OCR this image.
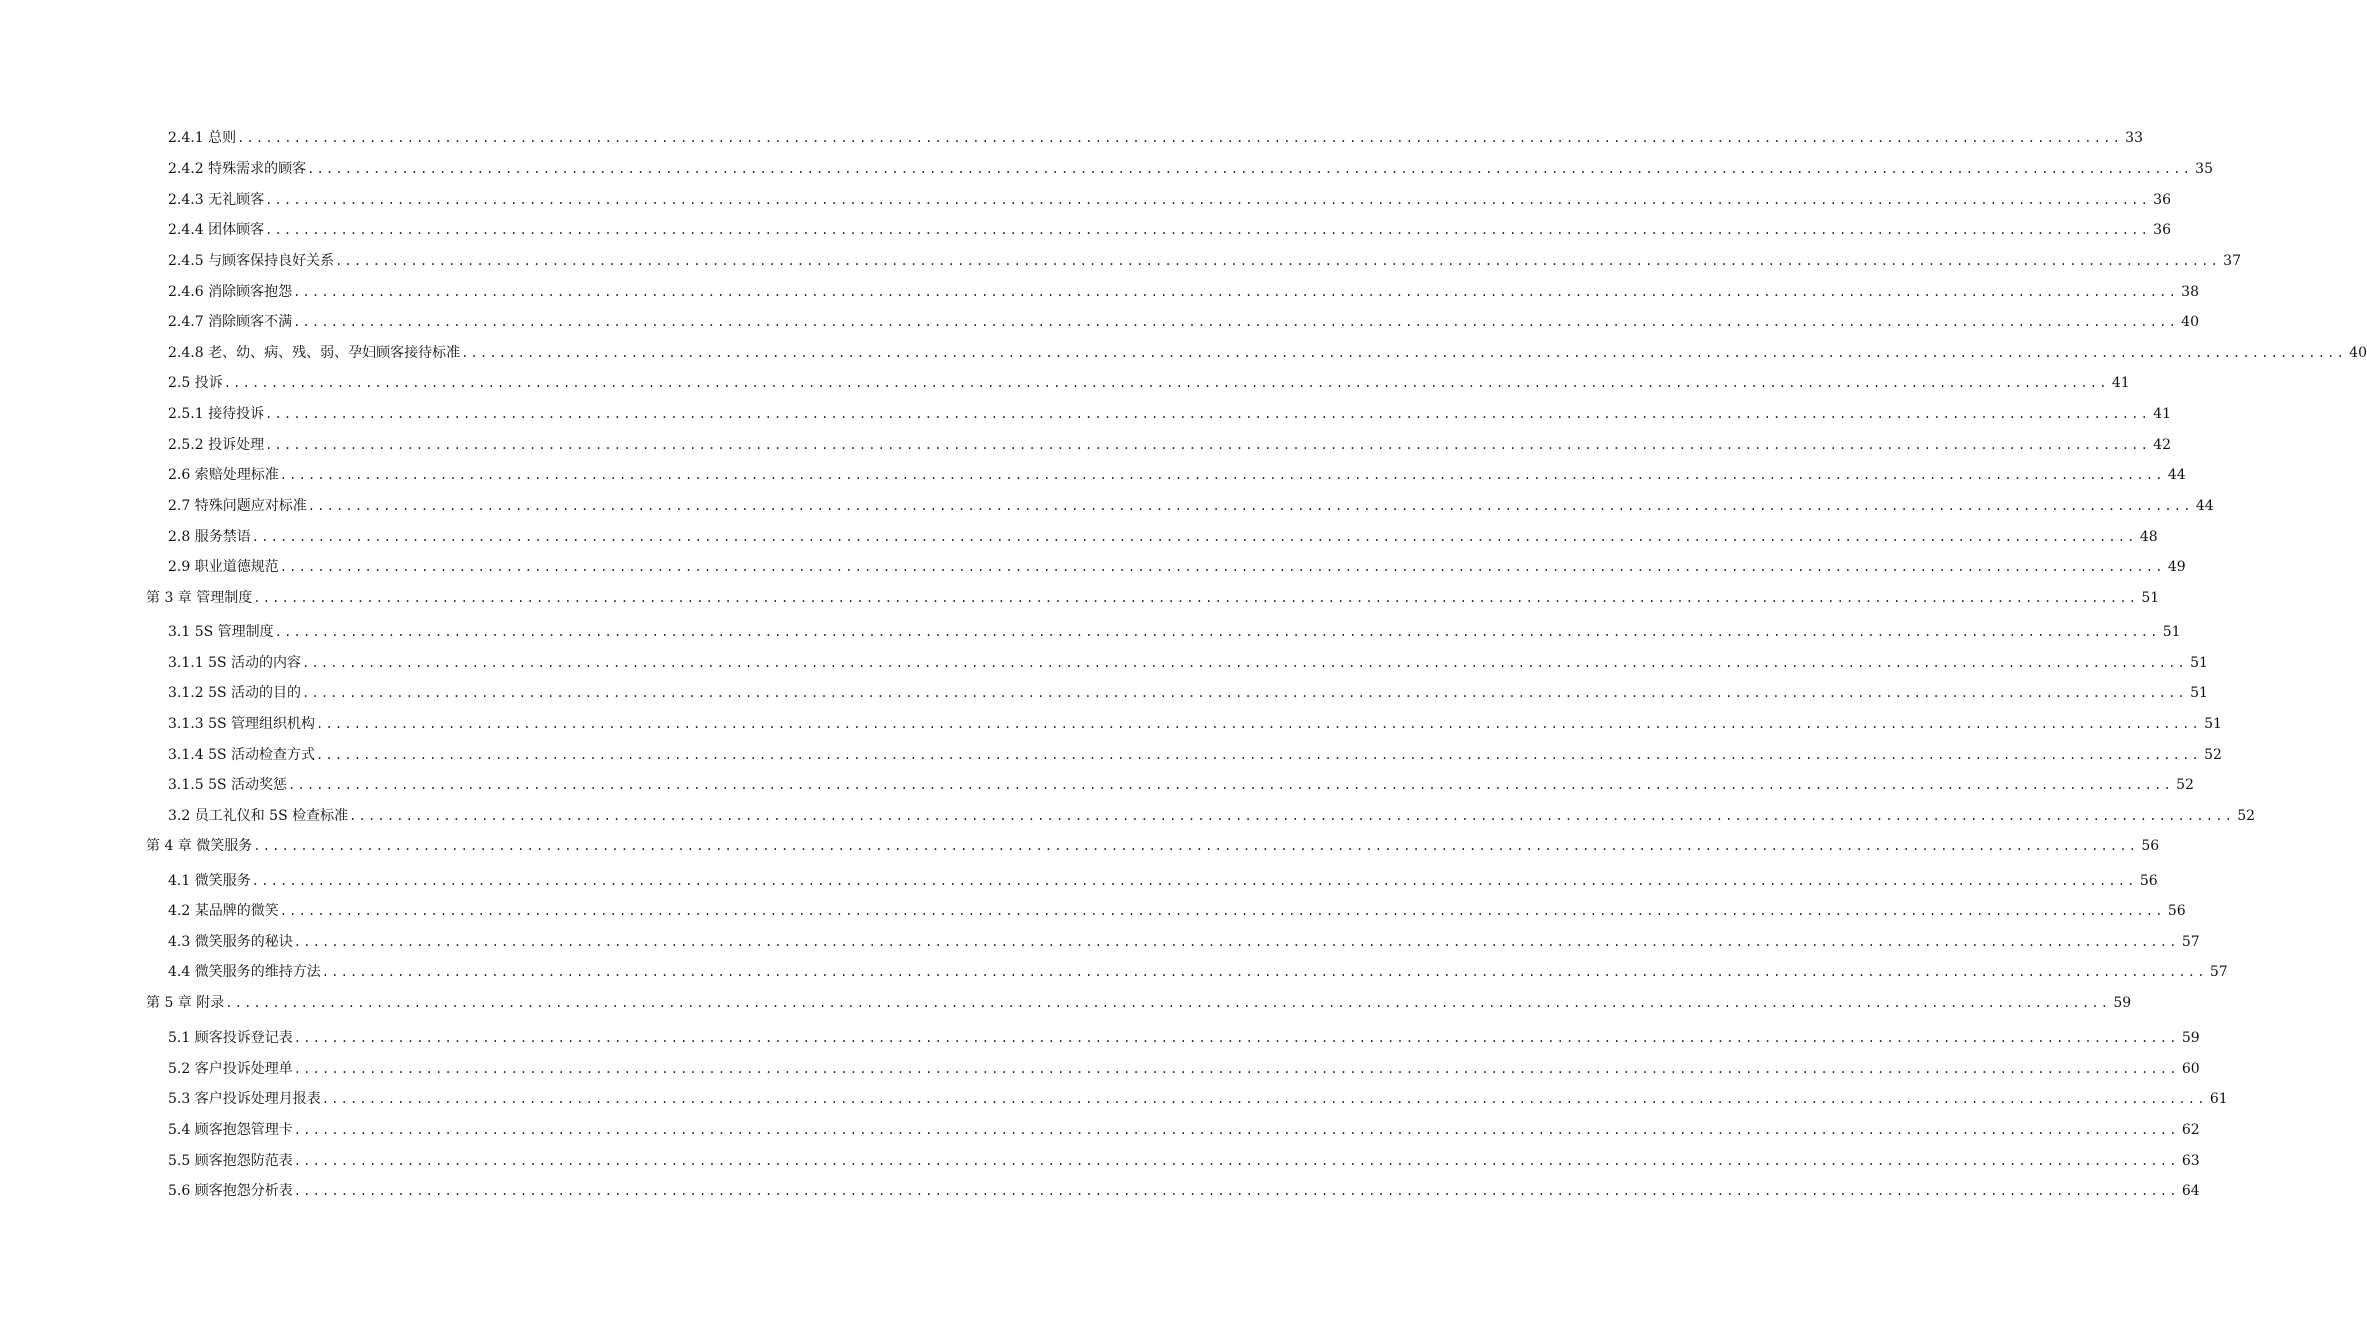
2.4.1 总则 ........................................................................................................................................................................................................ 33
2.4.2 特殊需求的顾客 ........................................................................................................................................................................................................ 35
2.4.3 无礼顾客 ........................................................................................................................................................................................................ 36
2.4.4 团体顾客 ........................................................................................................................................................................................................ 36
2.4.5 与顾客保持良好关系 ........................................................................................................................................................................................................ 37
2.4.6 消除顾客抱怨 ........................................................................................................................................................................................................ 38
2.4.7 消除顾客不满 ........................................................................................................................................................................................................ 40
2.4.8 老、幼、病、残、弱、孕妇顾客接待标准 ........................................................................................................................................................................................................ 40
2.5 投诉 ........................................................................................................................................................................................................ 41
2.5.1 接待投诉 ........................................................................................................................................................................................................ 41
2.5.2 投诉处理 ........................................................................................................................................................................................................ 42
2.6 索赔处理标准 ........................................................................................................................................................................................................ 44
2.7 特殊问题应对标准 ........................................................................................................................................................................................................ 44
2.8 服务禁语 ........................................................................................................................................................................................................ 48
2.9 职业道德规范 ........................................................................................................................................................................................................ 49
第 3 章 管理制度 ........................................................................................................................................................................................................ 51
3.1 5S 管理制度 ........................................................................................................................................................................................................ 51
3.1.1 5S 活动的内容 ........................................................................................................................................................................................................ 51
3.1.2 5S 活动的目的 ........................................................................................................................................................................................................ 51
3.1.3 5S 管理组织机构 ........................................................................................................................................................................................................ 51
3.1.4 5S 活动检查方式 ........................................................................................................................................................................................................ 52
3.1.5 5S 活动奖惩 ........................................................................................................................................................................................................ 52
3.2 员工礼仪和 5S 检查标准 ........................................................................................................................................................................................................ 52
第 4 章 微笑服务 ........................................................................................................................................................................................................ 56
4.1 微笑服务 ........................................................................................................................................................................................................ 56
4.2 某品牌的微笑 ........................................................................................................................................................................................................ 56
4.3 微笑服务的秘诀 ........................................................................................................................................................................................................ 57
4.4 微笑服务的维持方法 ........................................................................................................................................................................................................ 57
第 5 章 附录 ........................................................................................................................................................................................................ 59
5.1 顾客投诉登记表 ........................................................................................................................................................................................................ 59
5.2 客户投诉处理单 ........................................................................................................................................................................................................ 60
5.3 客户投诉处理月报表 ........................................................................................................................................................................................................ 61
5.4 顾客抱怨管理卡 ........................................................................................................................................................................................................ 62
5.5 顾客抱怨防范表 ........................................................................................................................................................................................................ 63
5.6 顾客抱怨分析表 ........................................................................................................................................................................................................ 64
